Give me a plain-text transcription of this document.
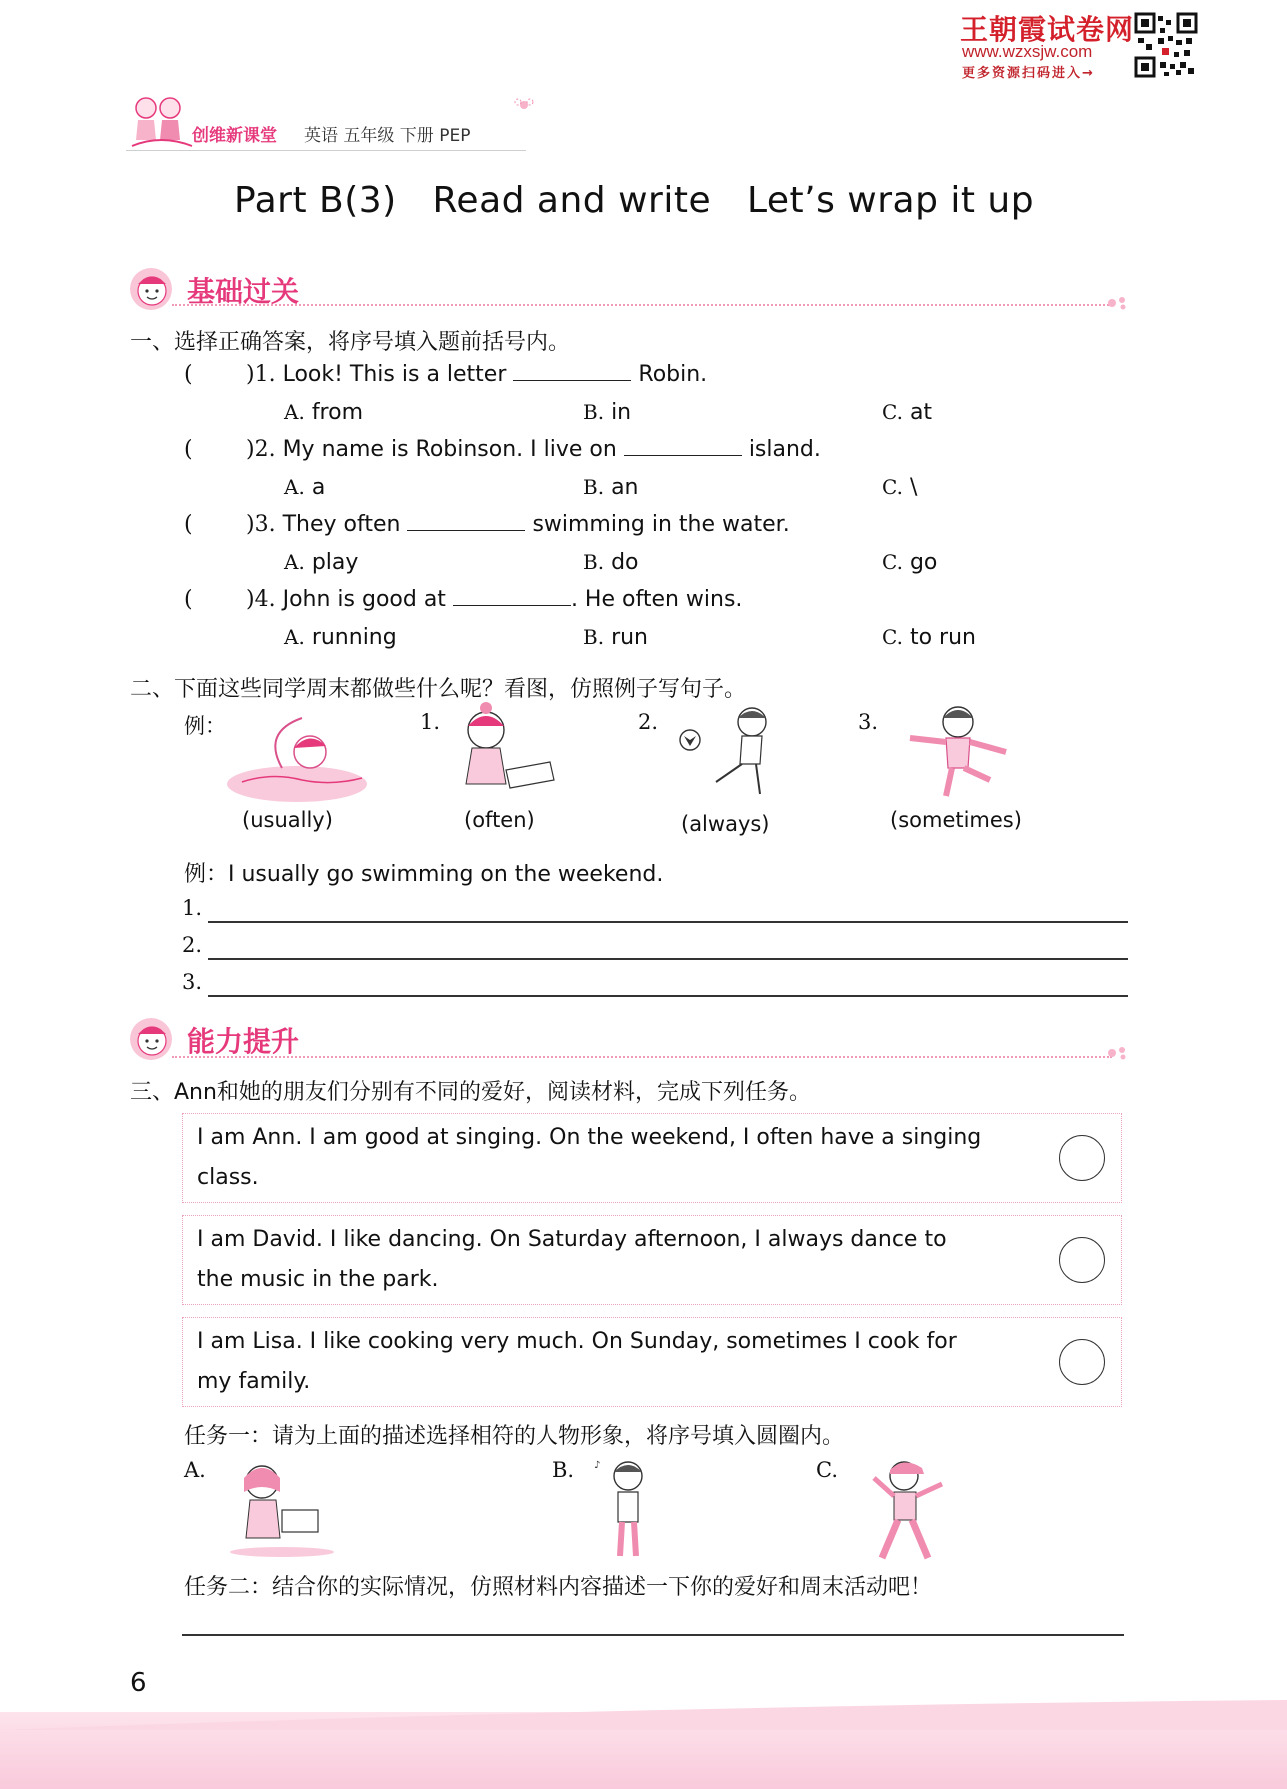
王朝霞试卷网
www.wzxsjw.com
更多资源扫码进入→
创维新课堂 英语 五年级 下册 PEP
Part B(3)   Read and write   Let’s wrap it up
基础过关
一、选择正确答案，将序号填入题前括号内。
( )1. Look! This is a letter	Robin.
A. from	B. in	C. at
( )2. My name is Robinson. I live on	island.
A. a	B. an	C. \
( )3. They often	swimming in the water.
A. play	B. do	C. go
( )4. John is good at	. He often wins.
A. running	B. run	C. to run
二、下面这些同学周末都做些什么呢？看图，仿照例子写句子。
例：
(usually)
1.
(often)
2.
(always)
3.
(sometimes)
例：I usually go swimming on the weekend.
1.
2.
3.
能力提升
三、Ann和她的朋友们分别有不同的爱好，阅读材料，完成下列任务。
I am Ann. I am good at singing. On the weekend, I often have a singing
class.
I am David. I like dancing. On Saturday afternoon, I always dance to
the music in the park.
I am Lisa. I like cooking very much. On Sunday, sometimes I cook for
my family.
任务一：请为上面的描述选择相符的人物形象，将序号填入圆圈内。
A.	B. ♪	C.
任务二：结合你的实际情况，仿照材料内容描述一下你的爱好和周末活动吧！
6
